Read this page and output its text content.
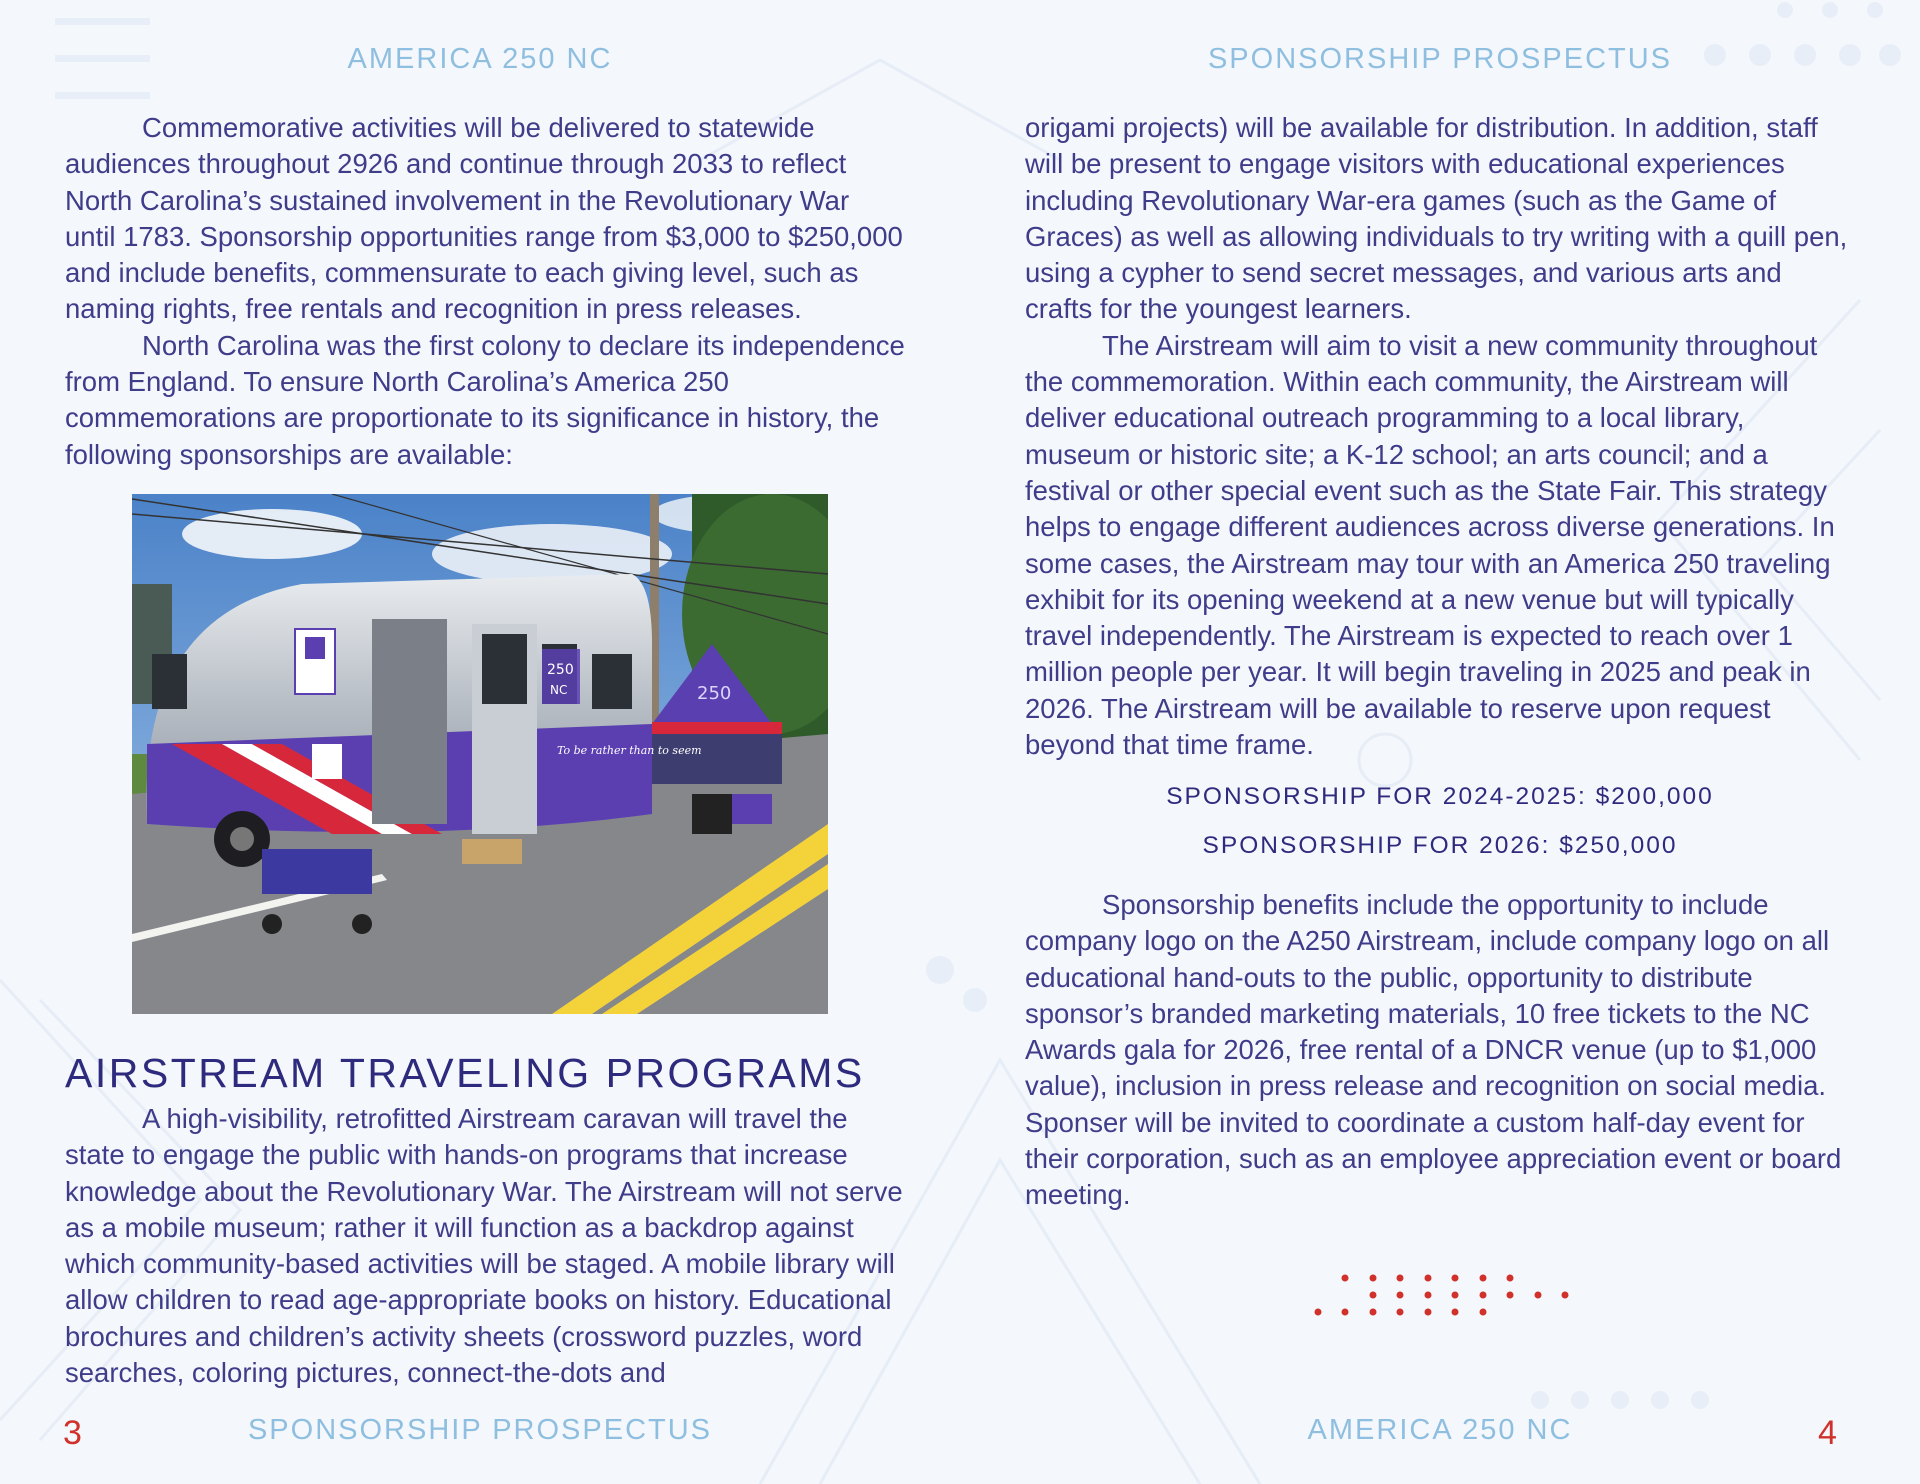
AMERICA 250 NC

Commemorative activities will be delivered to statewide audiences throughout 2926 and continue through 2033 to reflect North Carolina’s sustained involvement in the Revolutionary War until 1783. Sponsorship opportunities range from $3,000 to $250,000 and include benefits, commensurate to each giving level, such as naming rights, free rentals and recognition in press releases.

North Carolina was the first colony to declare its independence from England. To ensure North Carolina’s America 250 commemorations are proportionate to its significance in history, the following sponsorships are available:

250
250
NC
To be rather than to seem
AIRSTREAM TRAVELING PROGRAMS

A high-visibility, retrofitted Airstream caravan will travel the state to engage the public with hands-on programs that increase knowledge about the Revolutionary War. The Airstream will not serve as a mobile museum; rather it will function as a backdrop against which community-based activities will be staged. A mobile library will allow children to read age-appropriate books on history. Educational brochures and children’s activity sheets (crossword puzzles, word searches, coloring pictures, connect-the-dots and

3	SPONSORSHIP PROSPECTUS
SPONSORSHIP PROSPECTUS

origami projects) will be available for distribution. In addition, staff will be present to engage visitors with educational experiences including Revolutionary War-era games (such as the Game of Graces) as well as allowing individuals to try writing with a quill pen, using a cypher to send secret messages, and various arts and crafts for the youngest learners.

The Airstream will aim to visit a new community throughout the commemoration. Within each community, the Airstream will deliver educational outreach programming to a local library, museum or historic site; a K-12 school; an arts council; and a festival or other special event such as the State Fair. This strategy helps to engage different audiences across diverse generations. In some cases, the Airstream may tour with an America 250 traveling exhibit for its opening weekend at a new venue but will typically travel independently. The Airstream is expected to reach over 1 million people per year. It will begin traveling in 2025 and peak in 2026. The Airstream will be available to reserve upon request beyond that time frame.

SPONSORSHIP FOR 2024-2025: $200,000
SPONSORSHIP FOR 2026: $250,000

Sponsorship benefits include the opportunity to include company logo on the A250 Airstream, include company logo on all educational hand-outs to the public, opportunity to distribute sponsor’s branded marketing materials, 10 free tickets to the NC Awards gala for 2026, free rental of a DNCR venue (up to $1,000 value), inclusion in press release and recognition on social media. Sponser will be invited to coordinate a custom half-day event for their corporation, such as an employee appreciation event or board meeting.

AMERICA 250 NC	4
